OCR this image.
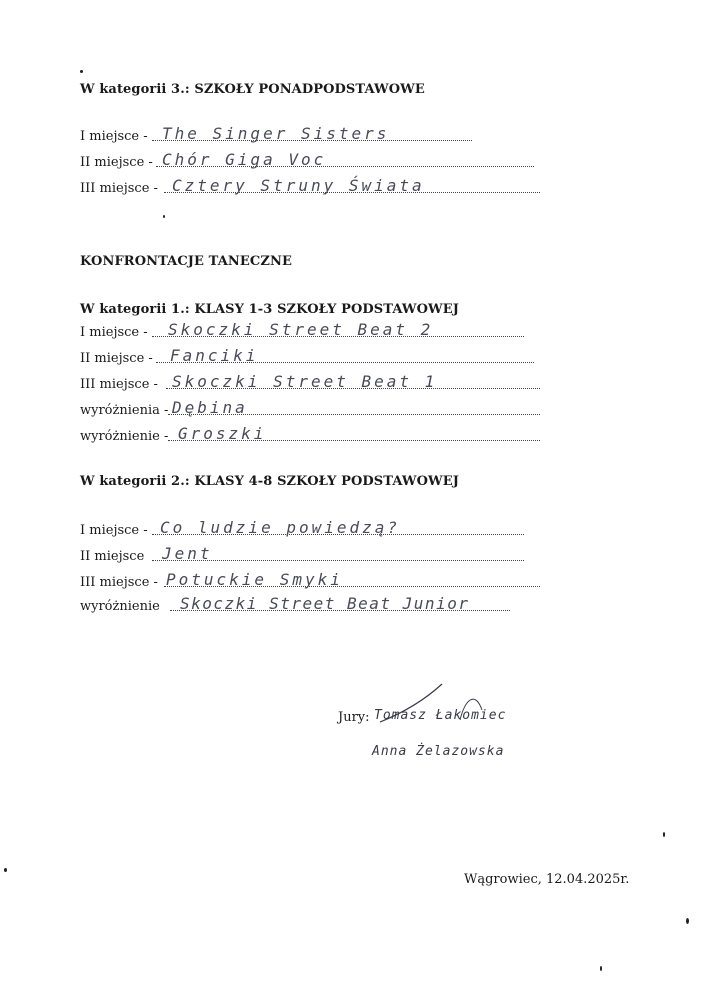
W kategorii 3.: SZKOŁY PONADPODSTAWOWE
I miejsce - The Singer Sisters
II miejsce - Chór Giga Voc
III miejsce - Cztery Struny Świata
KONFRONTACJE TANECZNE
W kategorii 1.: KLASY 1-3 SZKOŁY PODSTAWOWEJ
I miejsce - Skoczki Street Beat 2
II miejsce - Fanciki
III miejsce - Skoczki Street Beat 1
wyróżnienia - Dębina
wyróżnienie - Groszki
W kategorii 2.: KLASY 4-8 SZKOŁY PODSTAWOWEJ
I miejsce - Co ludzie powiedzą?
II miejsce Jent
III miejsce - Potuckie Smyki
wyróżnienie Skoczki Street Beat Junior
Jury: Tomasz Łakomiec
Anna Żelazowska
Wągrowiec, 12.04.2025r.
